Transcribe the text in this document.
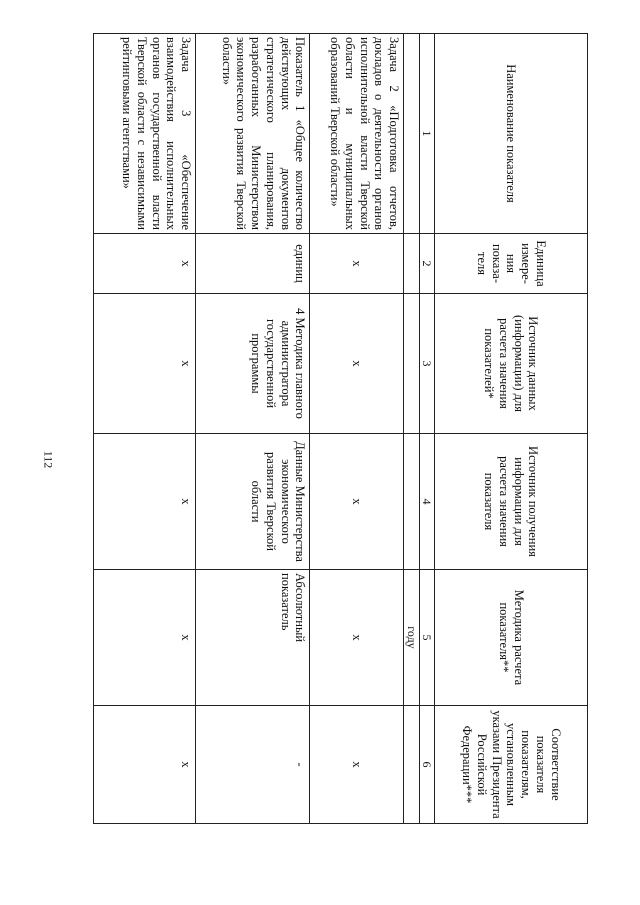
112
Наименование показателя	Единица измере-ния показа-теля	Источник данных (информации) для расчета значения показателей*	Источник получения информации для расчета значения показателя	Методика расчета показателя**	Соответствие показателя показателям, установленным указами Президента Российской Федерации***
1	2	3	4	5	6
				году	
Задача 2 «Подготовка отчетов, докладов о деятельности органов исполнительной власти Тверской области и муниципальных образований Тверской области»	x	x	x	x	x
Показатель 1 «Общее количество действующих документов стратегического планирования, разработанных Министерством экономического развития Тверской области»	единиц	4 Методика главного администратора государственной программы	Данные Министерства экономического развития Тверской области	Абсолютный показатель	-
Задача 3 «Обеспечение взаимодействия исполнительных органов государственной власти Тверской области с независимыми рейтинговыми агентствами»	x	x	x	x	x
